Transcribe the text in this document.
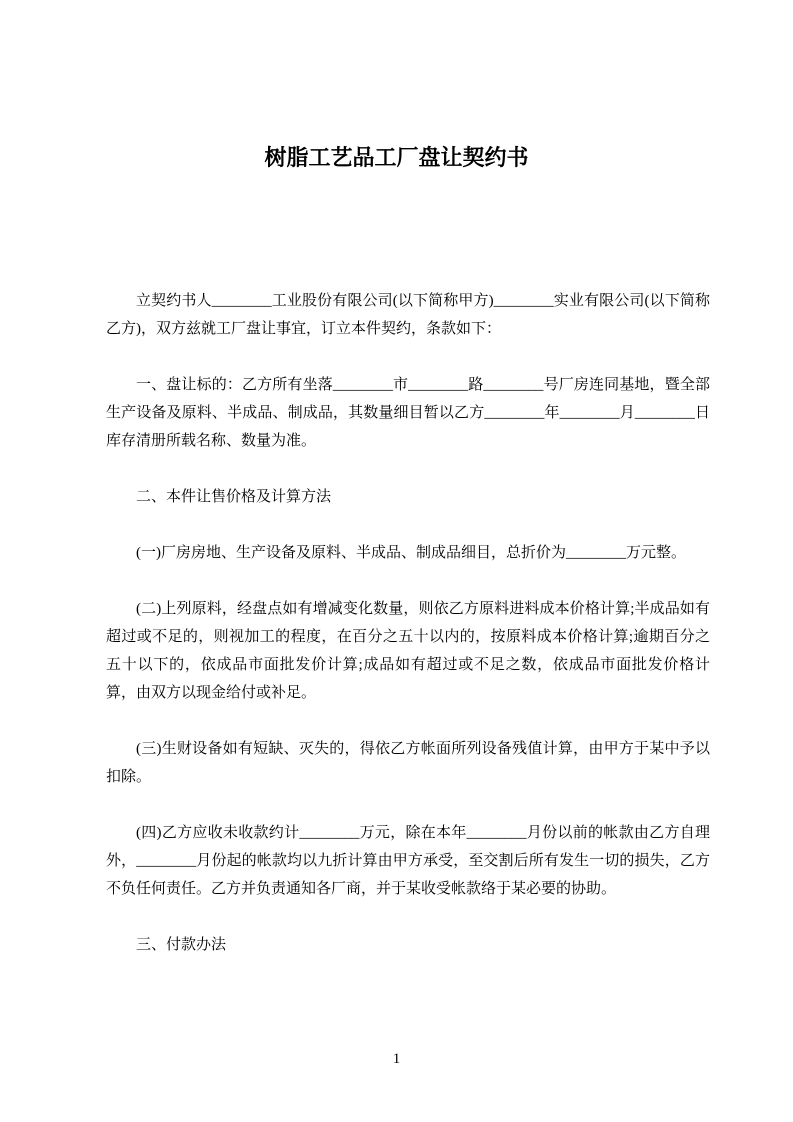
树脂工艺品工厂盘让契约书

立契约书人________工业股份有限公司(以下简称甲方)________实业有限公司(以下简称乙方)，双方兹就工厂盘让事宜，订立本件契约，条款如下：

一、盘让标的：乙方所有坐落________市________路________号厂房连同基地，暨全部生产设备及原料、半成品、制成品，其数量细目暂以乙方________年________月________日库存清册所载名称、数量为准。

二、本件让售价格及计算方法

(一)厂房房地、生产设备及原料、半成品、制成品细目，总折价为________万元整。

(二)上列原料，经盘点如有增减变化数量，则依乙方原料进料成本价格计算;半成品如有超过或不足的，则视加工的程度，在百分之五十以内的，按原料成本价格计算;逾期百分之五十以下的，依成品市面批发价计算;成品如有超过或不足之数，依成品市面批发价格计算，由双方以现金给付或补足。

(三)生财设备如有短缺、灭失的，得依乙方帐面所列设备残值计算，由甲方于某中予以扣除。

(四)乙方应收未收款约计________万元，除在本年________月份以前的帐款由乙方自理外，________月份起的帐款均以九折计算由甲方承受，至交割后所有发生一切的损失，乙方不负任何责任。乙方并负责通知各厂商，并于某收受帐款络于某必要的协助。

三、付款办法

1
